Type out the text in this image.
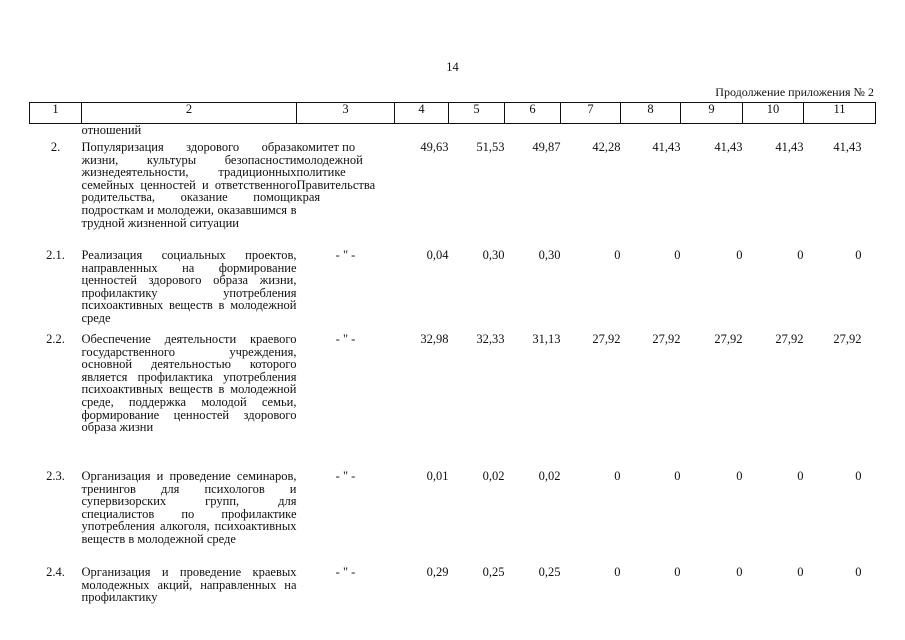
14
Продолжение приложения № 2
1	2	3	4	5	6	7	8	9	10	11
	отношений									
2.	Популяризация здорового образа жизни, культуры безопасности жизнедеятельности, традиционных семейных ценностей и ответственного родительства, оказание помощи подросткам и молодежи, оказавшимся в трудной жизненной ситуации	комитет по молодежной политике Правительства края	49,63	51,53	49,87	42,28	41,43	41,43	41,43	41,43
2.1.	Реализация социальных проектов, направленных на формирование ценностей здорового образа жизни, профилактику употребления психоактивных веществ в молодежной среде	- " -	0,04	0,30	0,30	0	0	0	0	0
2.2.	Обеспечение деятельности краевого государственного учреждения, основной деятельностью которого является профилактика употребления психоактивных веществ в молодежной среде, поддержка молодой семьи, формирование ценностей здорового образа жизни	- " -	32,98	32,33	31,13	27,92	27,92	27,92	27,92	27,92
2.3.	Организация и проведение семинаров, тренингов для психологов и супервизорских групп, для специалистов по профилактике употребления алкоголя, психоактивных веществ в молодежной среде	- " -	0,01	0,02	0,02	0	0	0	0	0
2.4.	Организация и проведение краевых молодежных акций, направленных на профилактику	- " -	0,29	0,25	0,25	0	0	0	0	0
